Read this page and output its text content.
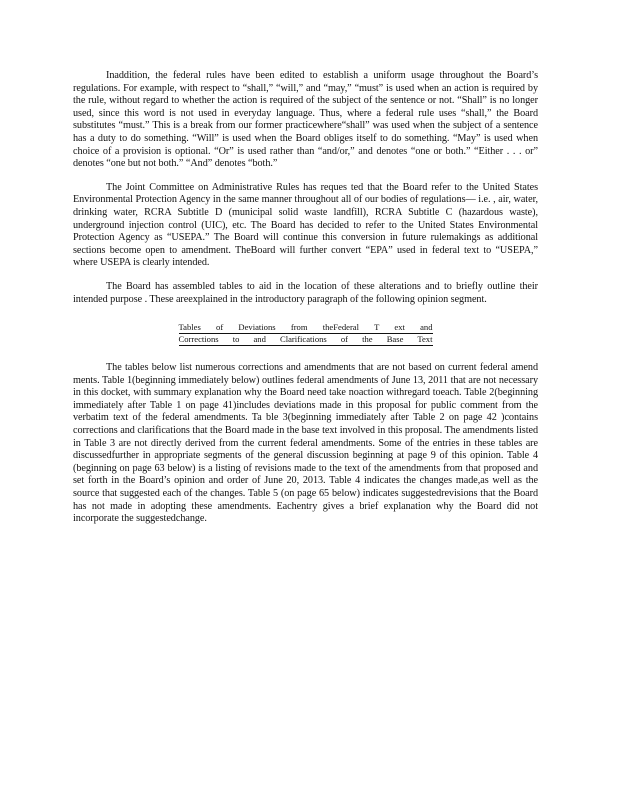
Inaddition, the federal rules have been edited to establish a uniform usage throughout the Board’s regulations. For example, with respect to “shall,” “will,” and “may,” “must” is used when an action is required by the rule, without regard to whether the action is required of the subject of the sentence or not. “Shall” is no longer used, since this word is not used in everyday language. Thus, where a federal rule uses “shall,” the Board substitutes “must.” This is a break from our former practicewhere“shall” was used when the subject of a sentence has a duty to do something. “Will” is used when the Board obliges itself to do something. “May” is used when choice of a provision is optional. “Or” is used rather than “and/or,” and denotes “one or both.” “Either . . . or” denotes “one but not both.” “And” denotes “both.”

The Joint Committee on Administrative Rules has reques ted that the Board refer to the United States Environmental Protection Agency in the same manner throughout all of our bodies of regulations— i.e. , air, water, drinking water, RCRA Subtitle D (municipal solid waste landfill), RCRA Subtitle C (hazardous waste), underground injection control (UIC), etc. The Board has decided to refer to the United States Environmental Protection Agency as “USEPA.” The Board will continue this conversion in future rulemakings as additional sections become open to amendment. TheBoard will further convert “EPA” used in federal text to “USEPA,” where USEPA is clearly intended.

The Board has assembled tables to aid in the location of these alterations and to briefly outline their intended purpose . These areexplained in the introductory paragraph of the following opinion segment.

Tables of Deviations from theFederal T ext and
Corrections to and Clarifications of the Base Text

The tables below list numerous corrections and amendments that are not based on current federal amend ments. Table 1(beginning immediately below) outlines federal amendments of June 13, 2011 that are not necessary in this docket, with summary explanation why the Board need take noaction withregard toeach. Table 2(beginning immediately after Table 1 on page 41)includes deviations made in this proposal for public comment from the verbatim text of the federal amendments. Ta ble 3(beginning immediately after Table 2 on page 42 )contains corrections and clarifications that the Board made in the base text involved in this proposal. The amendments listed in Table 3 are not directly derived from the current federal amendments. Some of the entries in these tables are discussedfurther in appropriate segments of the general discussion beginning at page 9 of this opinion. Table 4 (beginning on page 63 below) is a listing of revisions made to the text of the amendments from that proposed and set forth in the Board’s opinion and order of June 20, 2013. Table 4 indicates the changes made,as well as the source that suggested each of the changes. Table 5 (on page 65 below) indicates suggestedrevisions that the Board has not made in adopting these amendments. Eachentry gives a brief explanation why the Board did not incorporate the suggestedchange.
